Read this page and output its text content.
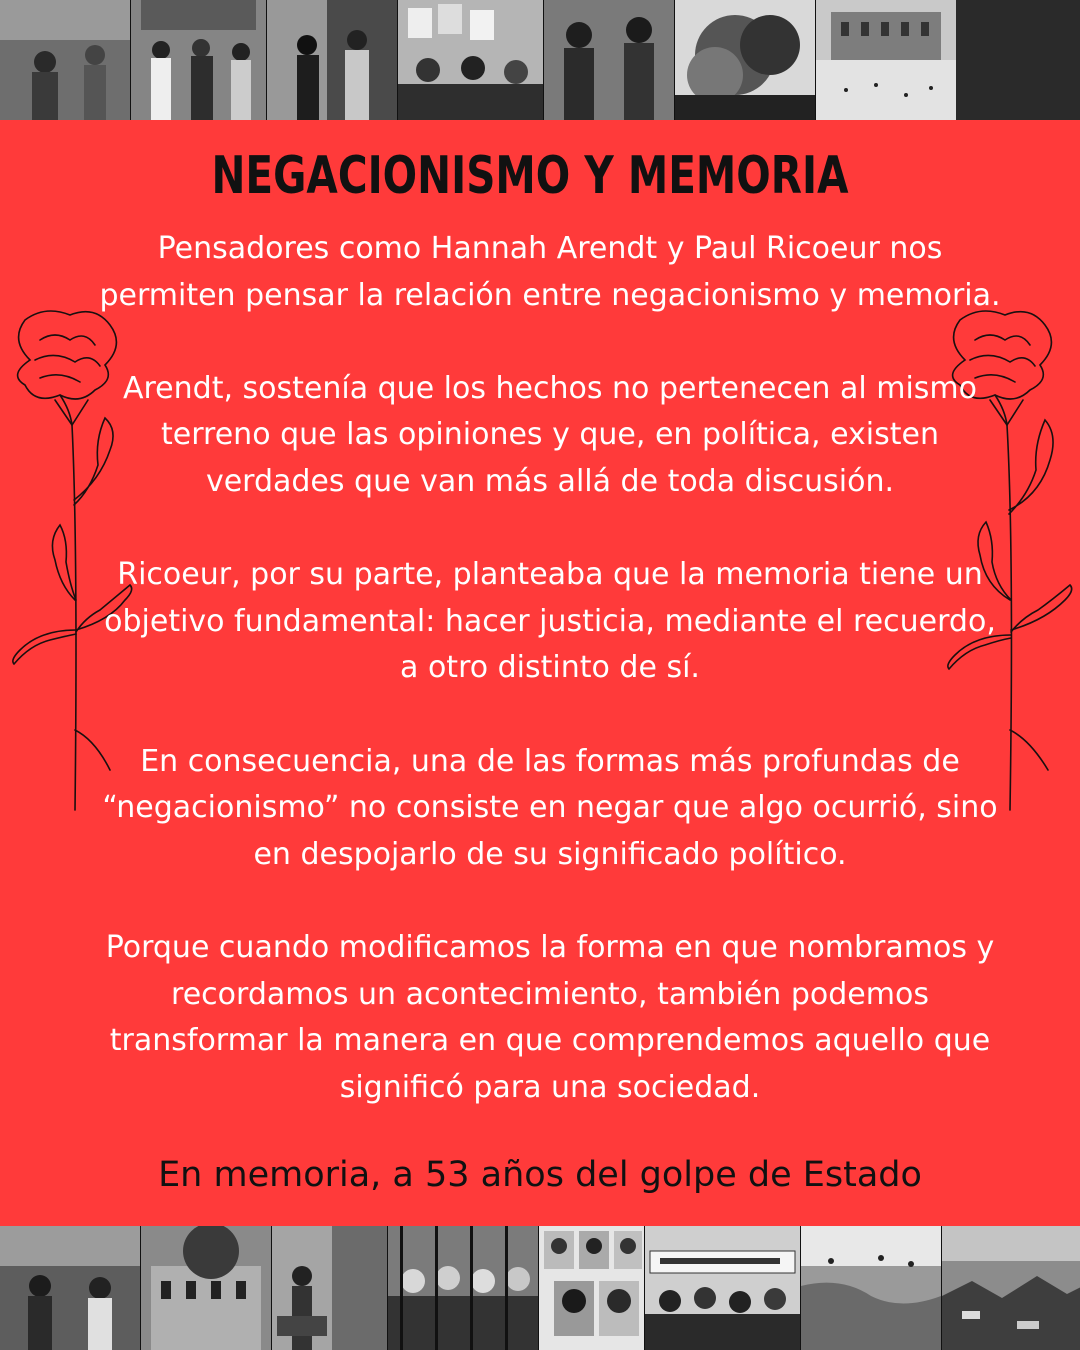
NEGACIONISMO Y MEMORIA

Pensadores como Hannah Arendt y Paul Ricoeur nos
permiten pensar la relación entre negacionismo y memoria.

Arendt, sostenía que los hechos no pertenecen al mismo
terreno que las opiniones y que, en política, existen
verdades que van más allá de toda discusión.

Ricoeur, por su parte, planteaba que la memoria tiene un
objetivo fundamental: hacer justicia, mediante el recuerdo,
a otro distinto de sí.

En consecuencia, una de las formas más profundas de
“negacionismo” no consiste en negar que algo ocurrió, sino
en despojarlo de su significado político.

Porque cuando modificamos la forma en que nombramos y
recordamos un acontecimiento, también podemos
transformar la manera en que comprendemos aquello que
significó para una sociedad.

En memoria, a 53 años del golpe de Estado
